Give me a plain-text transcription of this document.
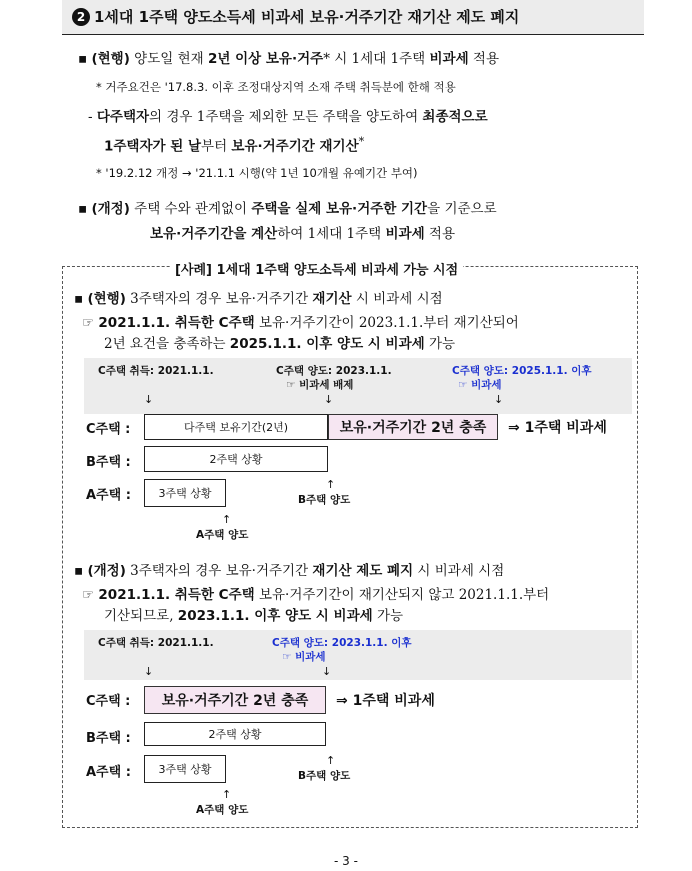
2 1세대 1주택 양도소득세 비과세 보유·거주기간 재기산 제도 폐지
▪ (현행) 양도일 현재 2년 이상 보유·거주* 시 1세대 1주택 비과세 적용
* 거주요건은 '17.8.3. 이후 조정대상지역 소재 주택 취득분에 한해 적용
- 다주택자의 경우 1주택을 제외한 모든 주택을 양도하여 최종적으로
1주택자가 된 날부터 보유·거주기간 재기산*
* '19.2.12 개정 → '21.1.1 시행(약 1년 10개월 유예기간 부여)
▪ (개정) 주택 수와 관계없이 주택을 실제 보유·거주한 기간을 기준으로
보유·거주기간을 계산하여 1세대 1주택 비과세 적용
[사례] 1세대 1주택 양도소득세 비과세 가능 시점
▪ (현행) 3주택자의 경우 보유·거주기간 재기산 시 비과세 시점
☞ 2021.1.1. 취득한 C주택 보유·거주기간이 2023.1.1.부터 재기산되어
2년 요건을 충족하는 2025.1.1. 이후 양도 시 비과세 가능
C주택 취득: 2021.1.1.	C주택 양도: 2023.1.1.
☞ 비과세 배제
C주택 양도: 2025.1.1. 이후
☞ 비과세
↓	↓	↓
C주택 :	다주택 보유기간(2년)	보유·거주기간 2년 충족	⇒ 1주택 비과세
B주택 :	2주택 상황
A주택 :	3주택 상황
↑
B주택 양도
↑
A주택 양도
▪ (개정) 3주택자의 경우 보유·거주기간 재기산 제도 폐지 시 비과세 시점
☞ 2021.1.1. 취득한 C주택 보유·거주기간이 재기산되지 않고 2021.1.1.부터
기산되므로, 2023.1.1. 이후 양도 시 비과세 가능
C주택 취득: 2021.1.1.	C주택 양도: 2023.1.1. 이후
☞ 비과세
↓	↓
C주택 :	보유·거주기간 2년 충족	⇒ 1주택 비과세
B주택 :	2주택 상황
A주택 :	3주택 상황
↑
B주택 양도
↑
A주택 양도
- 3 -
